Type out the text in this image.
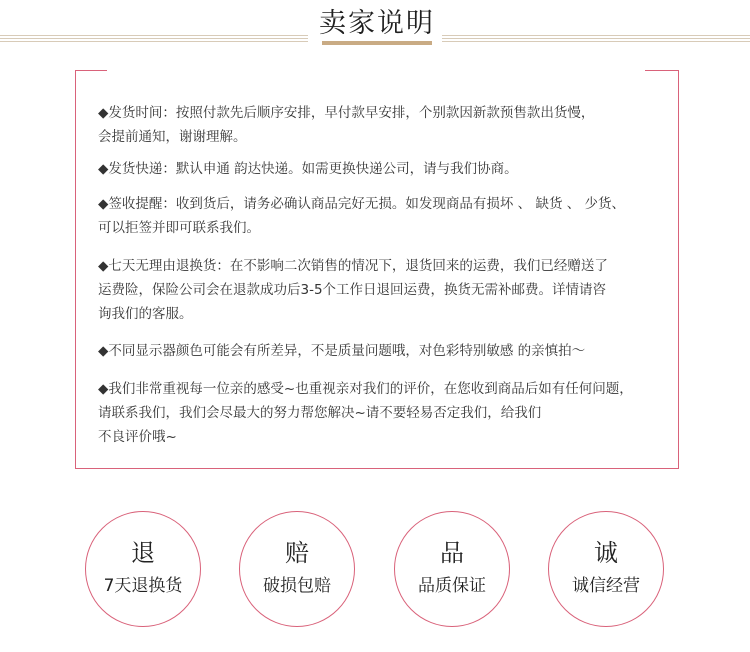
卖家说明
◆发货时间：按照付款先后顺序安排，早付款早安排，个别款因新款预售款出货慢，
会提前通知，谢谢理解。
◆发货快递：默认申通 韵达快递。如需更换快递公司，请与我们协商。
◆签收提醒：收到货后，请务必确认商品完好无损。如发现商品有损坏 、 缺货 、 少货、
可以拒签并即可联系我们。
◆七天无理由退换货：在不影响二次销售的情况下，退货回来的运费，我们已经赠送了
运费险，保险公司会在退款成功后3-5个工作日退回运费，换货无需补邮费。详情请咨
询我们的客服。
◆不同显示器颜色可能会有所差异，不是质量问题哦，对色彩特别敏感 的亲慎拍～
◆我们非常重视每一位亲的感受~也重视亲对我们的评价，在您收到商品后如有任何问题，
请联系我们，我们会尽最大的努力帮您解决~请不要轻易否定我们，给我们
不良评价哦~
退
7天退换货
赔
破损包赔
品
品质保证
诚
诚信经营
